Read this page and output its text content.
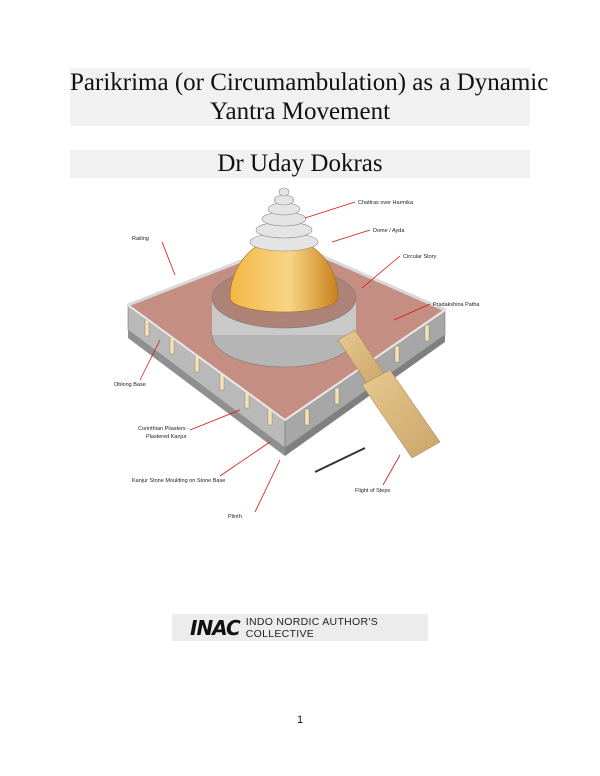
Parikrima (or Circumambulation) as a Dynamic
Yantra Movement
Dr Uday Dokras
Chattras over Harmika
Dome / Ayda
Circular Story
Pradakshina Patha
Railing
Oblong Base
Corinthian Pilasters -
Plastered Kanjur
Kanjur Stone Moulding on Stone Base
Flight of Steps
Plinth
INAC INDO NORDIC AUTHOR'S COLLECTIVE
1
